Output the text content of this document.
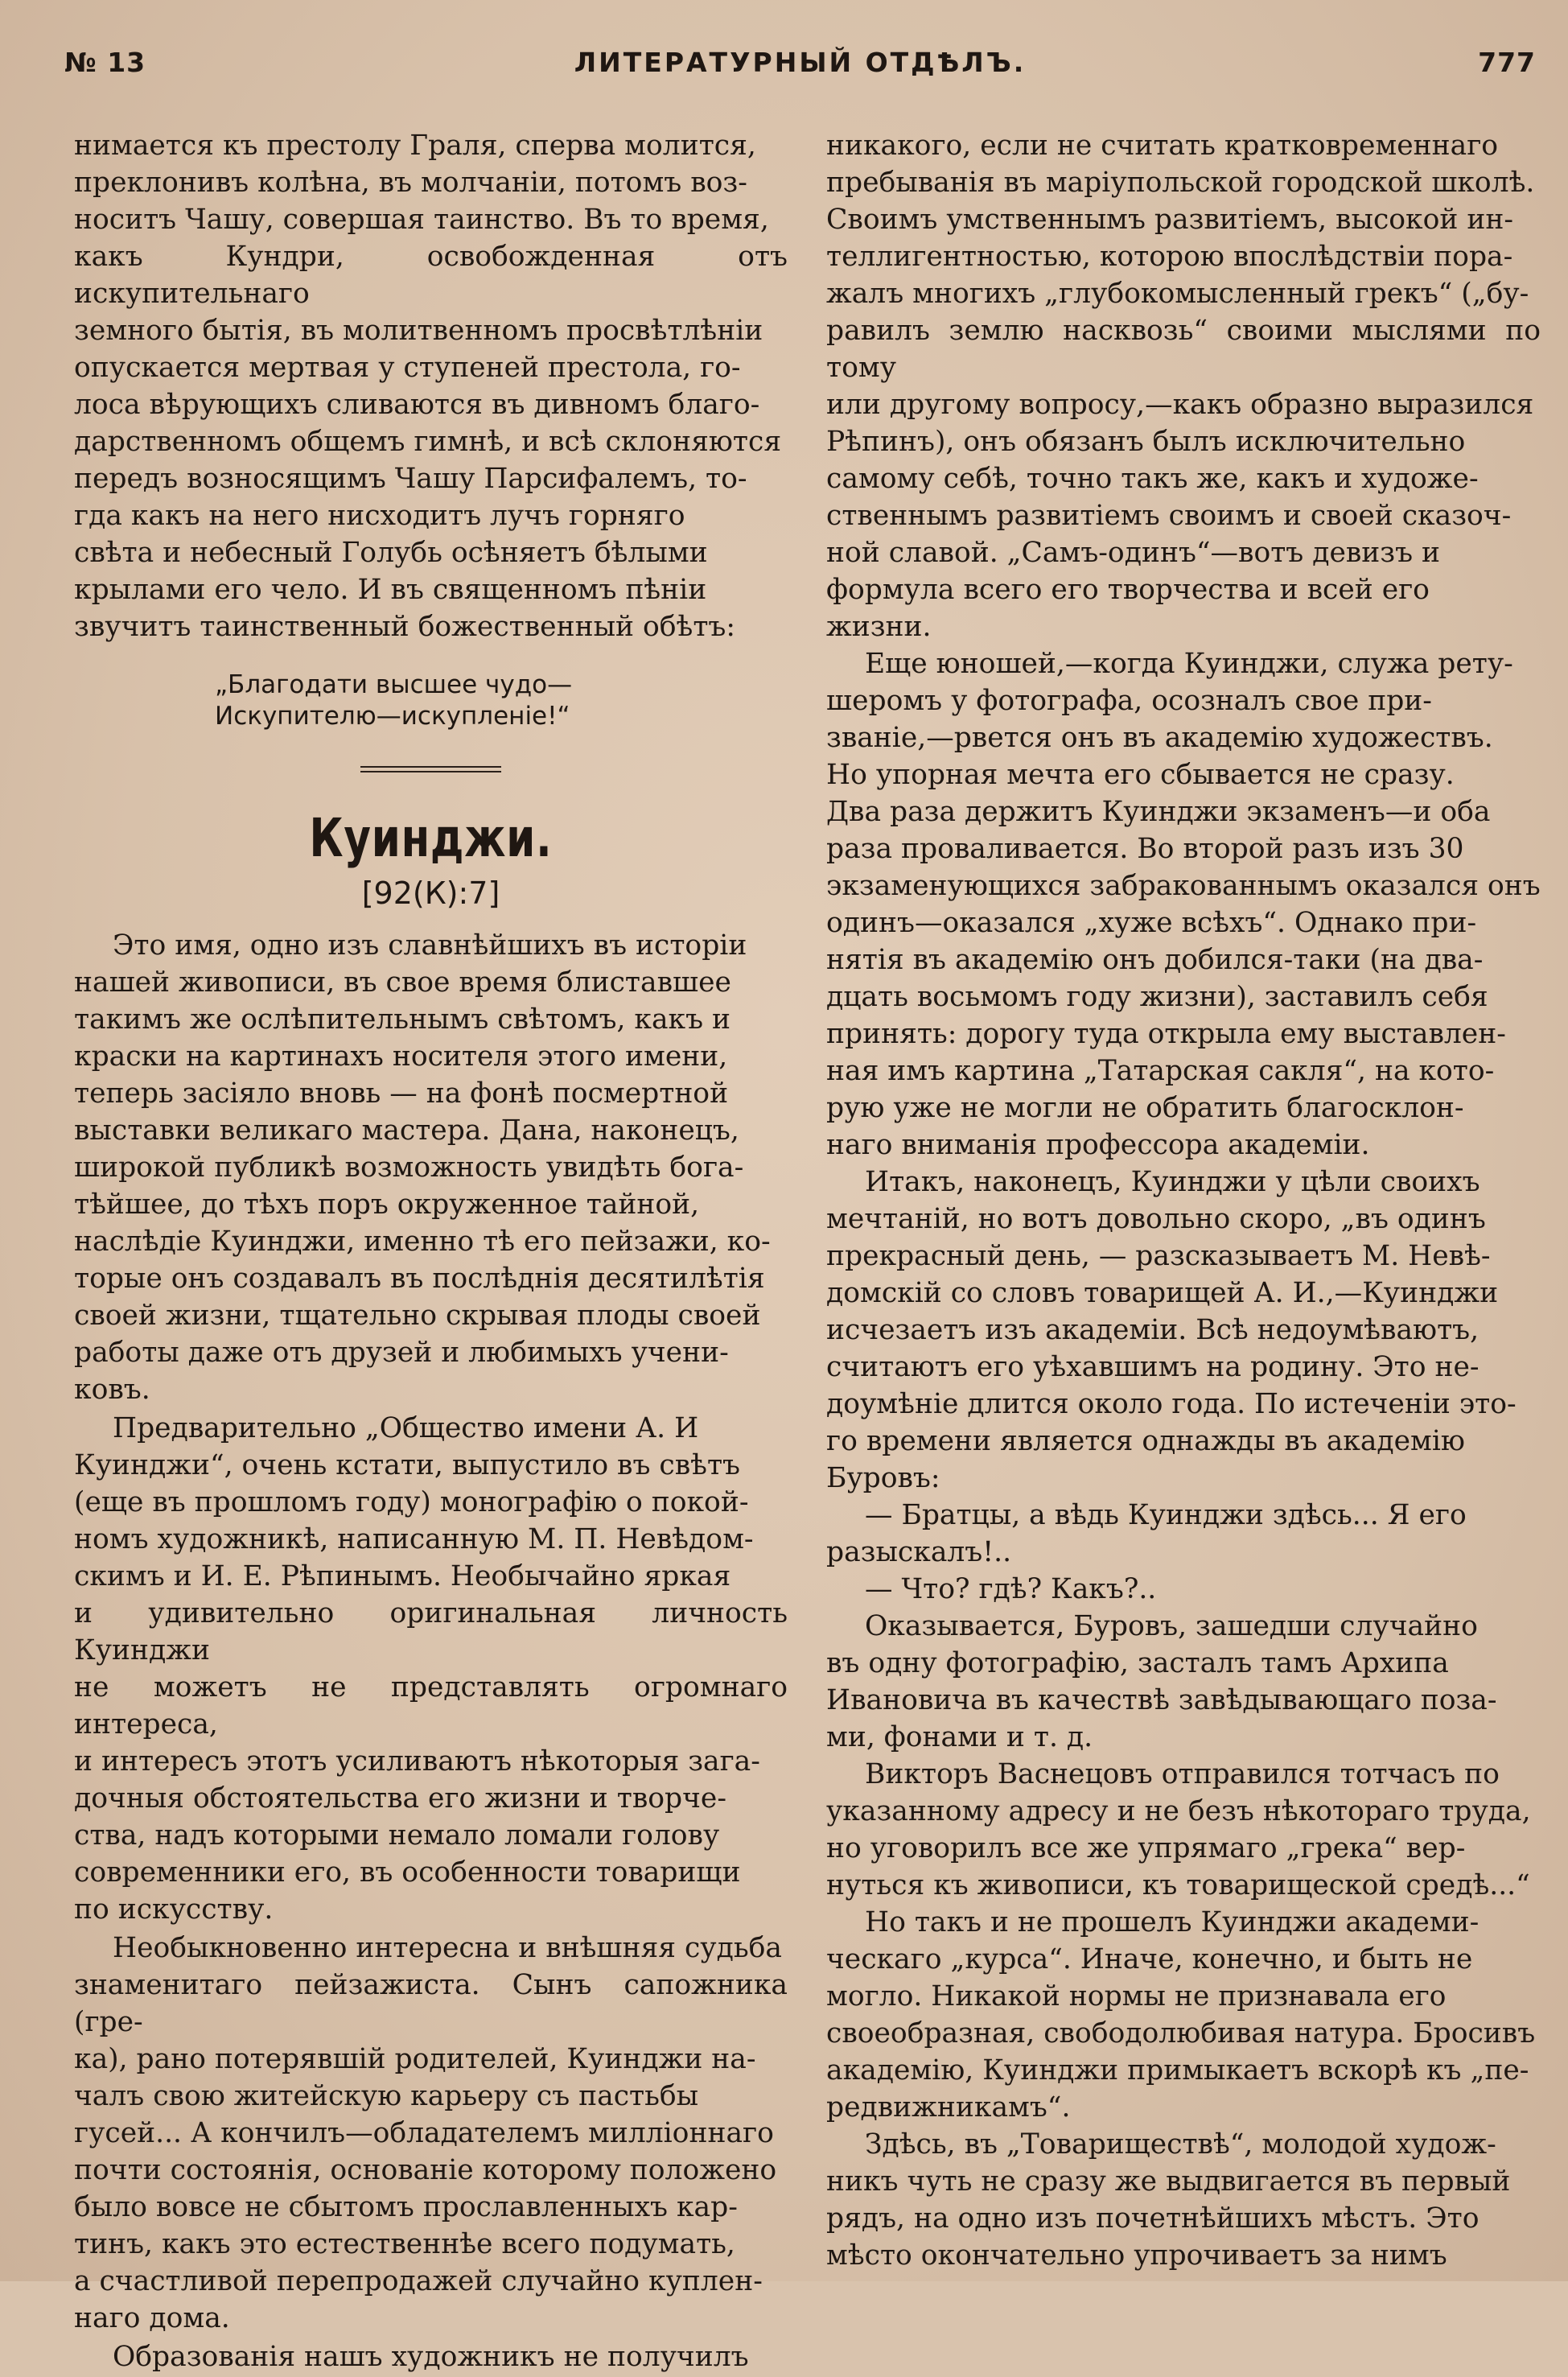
№ 13	ЛИТЕРАТУРНЫЙ ОТДѢЛЪ.	777

нимается къ престолу Граля, сперва молится,
преклонивъ колѣна, въ молчаніи, потомъ воз-
носитъ Чашу, совершая таинство. Въ то время,
какъ Кундри, освобожденная отъ искупительнаго
земного бытія, въ молитвенномъ просвѣтлѣніи
опускается мертвая у ступеней престола, го-
лоса вѣрующихъ сливаются въ дивномъ благо-
дарственномъ общемъ гимнѣ, и всѣ склоняются
передъ возносящимъ Чашу Парсифалемъ, то-
гда какъ на него нисходитъ лучъ горняго
свѣта и небесный Голубь осѣняетъ бѣлыми
крылами его чело. И въ священномъ пѣніи
звучитъ таинственный божественный обѣтъ:

„Благодати высшее чудо—
Искупителю—искупленіе!“
Куинджи.
[92(К):7]

Это имя, одно изъ славнѣйшихъ въ исторіи
нашей живописи, въ свое время блиставшее
такимъ же ослѣпительнымъ свѣтомъ, какъ и
краски на картинахъ носителя этого имени,
теперь засіяло вновь — на фонѣ посмертной
выставки великаго мастера. Дана, наконецъ,
широкой публикѣ возможность увидѣть бога-
тѣйшее, до тѣхъ поръ окруженное тайной,
наслѣдіе Куинджи, именно тѣ его пейзажи, ко-
торые онъ создавалъ въ послѣднія десятилѣтія
своей жизни, тщательно скрывая плоды своей
работы даже отъ друзей и любимыхъ учени-
ковъ.

Предварительно „Общество имени А. И
Куинджи“, очень кстати, выпустило въ свѣтъ
(еще въ прошломъ году) монографію о покой-
номъ художникѣ, написанную М. П. Невѣдом-
скимъ и И. Е. Рѣпинымъ. Необычайно яркая
и удивительно оригинальная личность Куинджи
не можетъ не представлять огромнаго интереса,
и интересъ этотъ усиливаютъ нѣкоторыя зага-
дочныя обстоятельства его жизни и творче-
ства, надъ которыми немало ломали голову
современники его, въ особенности товарищи
по искусству.

Необыкновенно интересна и внѣшняя судьба
знаменитаго пейзажиста. Сынъ сапожника (гре-
ка), рано потерявшій родителей, Куинджи на-
чалъ свою житейскую карьеру съ пастьбы
гусей... А кончилъ—обладателемъ милліоннаго
почти состоянія, основаніе которому положено
было вовсе не сбытомъ прославленныхъ кар-
тинъ, какъ это естественнѣе всего подумать,
а счастливой перепродажей случайно куплен-
наго дома.

Образованія нашъ художникъ не получилъ

никакого, если не считать кратковременнаго
пребыванія въ маріупольской городской школѣ.
Своимъ умственнымъ развитіемъ, высокой ин-
теллигентностью, которою впослѣдствіи пора-
жалъ многихъ „глубокомысленный грекъ“ („бу-
равилъ землю насквозь“ своими мыслями по тому
или другому вопросу,—какъ образно выразился
Рѣпинъ), онъ обязанъ былъ исключительно
самому себѣ, точно такъ же, какъ и художе-
ственнымъ развитіемъ своимъ и своей сказоч-
ной славой. „Самъ-одинъ“—вотъ девизъ и
формула всего его творчества и всей его
жизни.

Еще юношей,—когда Куинджи, служа рету-
шеромъ у фотографа, осозналъ свое при-
званіе,—рвется онъ въ академію художествъ.
Но упорная мечта его сбывается не сразу.
Два раза держитъ Куинджи экзаменъ—и оба
раза проваливается. Во второй разъ изъ 30
экзаменующихся забракованнымъ оказался онъ
одинъ—оказался „хуже всѣхъ“. Однако при-
нятія въ академію онъ добился-таки (на два-
дцать восьмомъ году жизни), заставилъ себя
принять: дорогу туда открыла ему выставлен-
ная имъ картина „Татарская сакля“, на кото-
рую уже не могли не обратить благосклон-
наго вниманія профессора академіи.

Итакъ, наконецъ, Куинджи у цѣли своихъ
мечтаній, но вотъ довольно скоро, „въ одинъ
прекрасный день, — разсказываетъ М. Невѣ-
домскій со словъ товарищей А. И.,—Куинджи
исчезаетъ изъ академіи. Всѣ недоумѣваютъ,
считаютъ его уѣхавшимъ на родину. Это не-
доумѣніе длится около года. По истеченіи это-
го времени является однажды въ академію
Буровъ:

— Братцы, а вѣдь Куинджи здѣсь... Я его
разыскалъ!..

— Что? гдѣ? Какъ?..

Оказывается, Буровъ, зашедши случайно
въ одну фотографію, засталъ тамъ Архипа
Ивановича въ качествѣ завѣдывающаго поза-
ми, фонами и т. д.

Викторъ Васнецовъ отправился тотчасъ по
указанному адресу и не безъ нѣкотораго труда,
но уговорилъ все же упрямаго „грека“ вер-
нуться къ живописи, къ товарищеской средѣ...“

Но такъ и не прошелъ Куинджи академи-
ческаго „курса“. Иначе, конечно, и быть не
могло. Никакой нормы не признавала его
своеобразная, свободолюбивая натура. Бросивъ
академію, Куинджи примыкаетъ вскорѣ къ „пе-
редвижникамъ“.

Здѣсь, въ „Товариществѣ“, молодой худож-
никъ чуть не сразу же выдвигается въ первый
рядъ, на одно изъ почетнѣйшихъ мѣстъ. Это
мѣсто окончательно упрочиваетъ за нимъ
